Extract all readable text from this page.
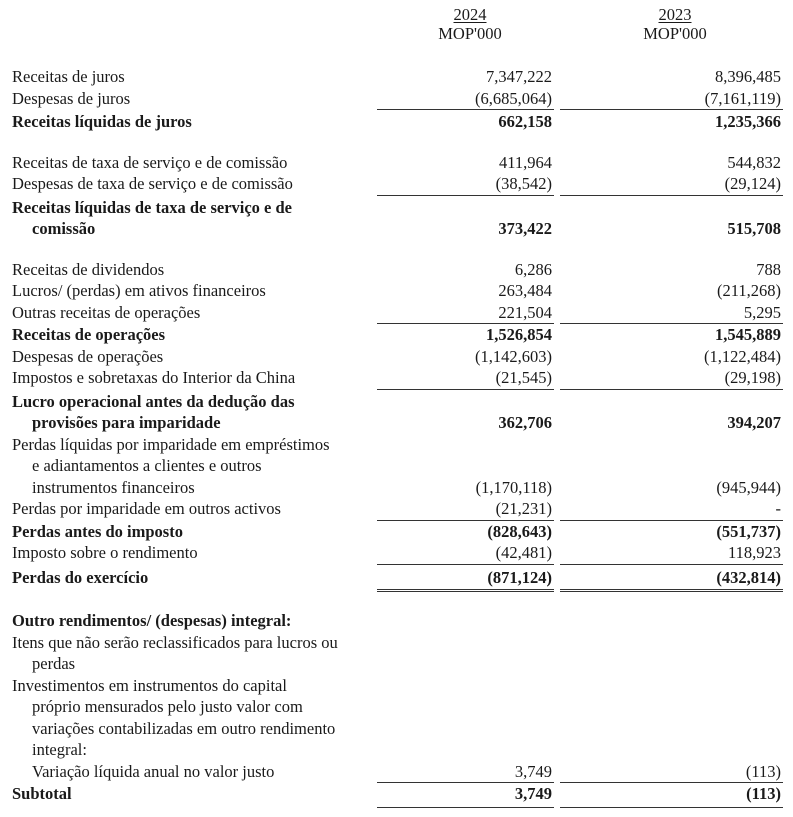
2024
MOP'000
2023
MOP'000
Receitas de juros	7,347,222	8,396,485
Despesas de juros	(6,685,064)	(7,161,119)
Receitas líquidas de juros	662,158	1,235,366
Receitas de taxa de serviço e de comissão	411,964	544,832
Despesas de taxa de serviço e de comissão	(38,542)	(29,124)
Receitas líquidas de taxa de serviço e de
comissão	373,422	515,708
Receitas de dividendos	6,286	788
Lucros/ (perdas) em ativos financeiros	263,484	(211,268)
Outras receitas de operações	221,504	5,295
Receitas de operações	1,526,854	1,545,889
Despesas de operações	(1,142,603)	(1,122,484)
Impostos e sobretaxas do Interior da China	(21,545)	(29,198)
Lucro operacional antes da dedução das
provisões para imparidade	362,706	394,207
Perdas líquidas por imparidade em empréstimos
e adiantamentos a clientes e outros
instrumentos financeiros	(1,170,118)	(945,944)
Perdas por imparidade em outros activos	(21,231)	-
Perdas antes do imposto	(828,643)	(551,737)
Imposto sobre o rendimento	(42,481)	118,923
Perdas do exercício	(871,124)	(432,814)
Outro rendimentos/ (despesas) integral:
Itens que não serão reclassificados para lucros ou
perdas
Investimentos em instrumentos do capital
próprio mensurados pelo justo valor com
variações contabilizadas em outro rendimento
integral:
Variação líquida anual no valor justo	3,749	(113)
Subtotal	3,749	(113)
